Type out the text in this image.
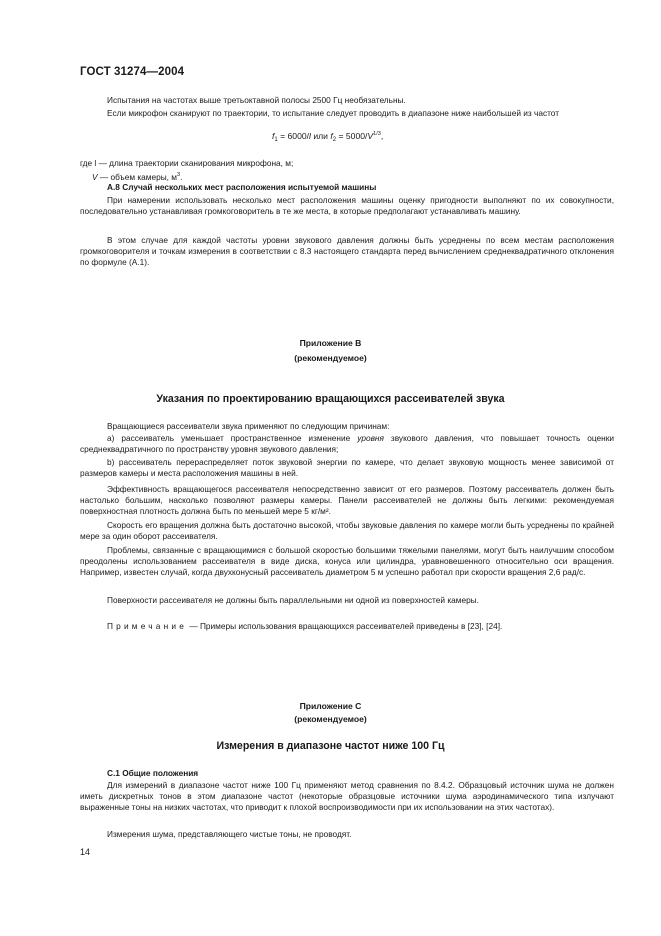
ГОСТ 31274—2004
Испытания на частотах выше третьоктавной полосы 2500 Гц необязательны.
Если микрофон сканируют по траектории, то испытание следует проводить в диапазоне ниже наибольшей из частот
$f_1 = 6000/l$ или $f_2 = 5000/V^{1/3}$,
где l — длина траектории сканирования микрофона, м;
V — объем камеры, $м^3$.
А.8 Случай нескольких мест расположения испытуемой машины
При намерении использовать несколько мест расположения машины оценку пригодности выполняют по их совокупности, последовательно устанавливая громкоговоритель в те же места, в которые предполагают устанавливать машину.
В этом случае для каждой частоты уровни звукового давления должны быть усреднены по всем местам расположения громкоговорителя и точкам измерения в соответствии с 8.3 настоящего стандарта перед вычислением среднеквадратичного отклонения по формуле (А.1).
Приложение В
(рекомендуемое)
Указания по проектированию вращающихся рассеивателей звука
Вращающиеся рассеиватели звука применяют по следующим причинам:
а) рассеиватель уменьшает пространственное изменение уровня звукового давления, что повышает точность оценки среднеквадратичного по пространству уровня звукового давления;
b) рассеиватель перераспределяет поток звуковой энергии по камере, что делает звуковую мощность менее зависимой от размеров камеры и места расположения машины в ней.
Эффективность вращающегося рассеивателя непосредственно зависит от его размеров. Поэтому рассеиватель должен быть настолько большим, насколько позволяют размеры камеры. Панели рассеивателей не должны быть легкими: рекомендуемая поверхностная плотность должна быть по меньшей мере 5 кг/м².
Скорость его вращения должна быть достаточно высокой, чтобы звуковые давления по камере могли быть усреднены по крайней мере за один оборот рассеивателя.
Проблемы, связанные с вращающимися с большой скоростью большими тяжелыми панелями, могут быть наилучшим способом преодолены использованием рассеивателя в виде диска, конуса или цилиндра, уравновешенного относительно оси вращения. Например, известен случай, когда двухконусный рассеиватель диаметром 5 м успешно работал при скорости вращения 2,6 рад/с.
Поверхности рассеивателя не должны быть параллельными ни одной из поверхностей камеры.
Примечание — Примеры использования вращающихся рассеивателей приведены в [23], [24].
Приложение С
(рекомендуемое)
Измерения в диапазоне частот ниже 100 Гц
С.1 Общие положения
Для измерений в диапазоне частот ниже 100 Гц применяют метод сравнения по 8.4.2. Образцовый источник шума не должен иметь дискретных тонов в этом диапазоне частот (некоторые образцовые источники шума аэродинамического типа излучают выраженные тоны на низких частотах, что приводит к плохой воспроизводимости при их использовании на этих частотах).
Измерения шума, представляющего чистые тоны, не проводят.
14
